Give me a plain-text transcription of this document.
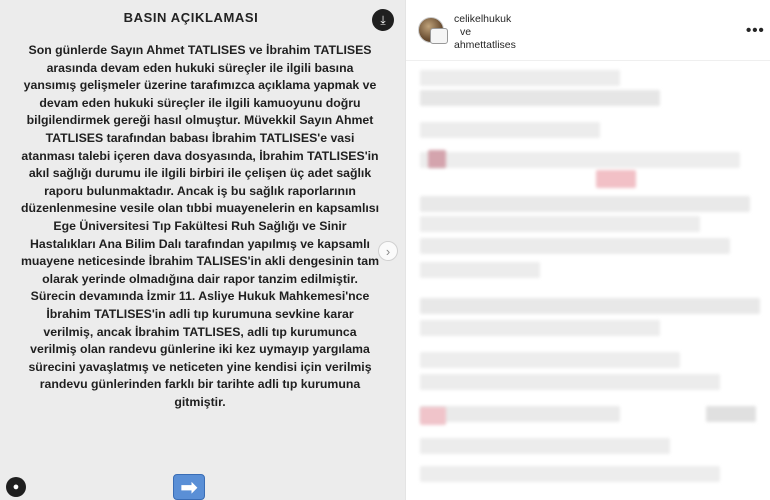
BASIN AÇIKLAMASI

Son günlerde Sayın Ahmet TATLISES ve İbrahim TATLISES arasında devam eden hukuki süreçler ile ilgili basına yansımış gelişmeler üzerine tarafımızca açıklama yapmak ve devam eden hukuki süreçler ile ilgili kamuoyunu doğru bilgilendirmek gereği hasıl olmuştur. Müvekkil Sayın Ahmet TATLISES tarafından babası İbrahim TATLISES'e vasi atanması talebi içeren dava dosyasında, İbrahim TATLISES'in akıl sağlığı durumu ile ilgili birbiri ile çelişen üç adet sağlık raporu bulunmaktadır. Ancak iş bu sağlık raporlarının düzenlenmesine vesile olan tıbbi muayenelerin en kapsamlısı Ege Üniversitesi Tıp Fakültesi Ruh Sağlığı ve Sinir Hastalıkları Ana Bilim Dalı tarafından yapılmış ve kapsamlı muayene neticesinde İbrahim TALISES'in akli dengesinin tam olarak yerinde olmadığına dair rapor tanzim edilmiştir. Sürecin devamında İzmir 11. Asliye Hukuk Mahkemesi'nce İbrahim TATLISES'in adli tıp kurumuna sevkine karar verilmiş, ancak İbrahim TATLISES, adli tıp kurumunca verilmiş olan randevu günlerine iki kez uymayıp yargılama sürecini yavaşlatmış ve neticeten yine kendisi için verilmiş randevu günlerinden farklı bir tarihte adli tıp kurumuna gitmiştir.

⤓
›
●	➡
celikelhukuk
ve
ahmettatlises
•••
